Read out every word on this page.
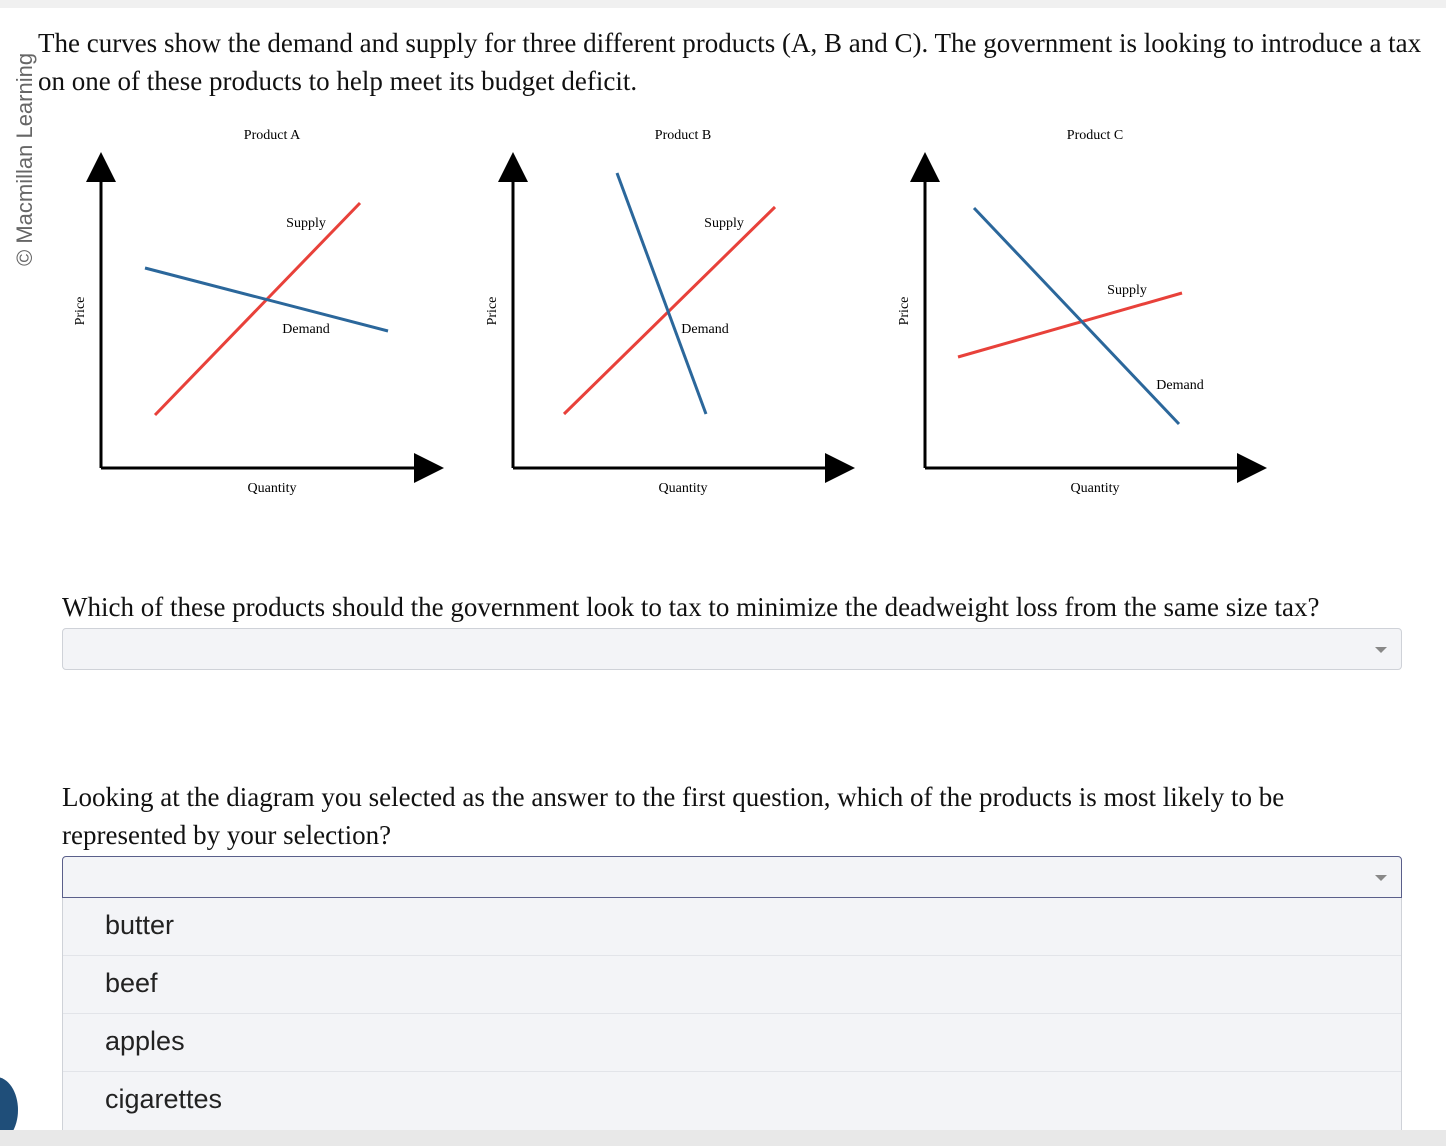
© Macmillan Learning

The curves show the demand and supply for three different products (A, B and C). The government is looking to introduce a tax on one of these products to help meet its budget deficit.

Product A
Price
Quantity
Supply
Demand
Product B
Price
Quantity
Supply
Demand
Product C
Price
Quantity
Supply
Demand

Which of these products should the government look to tax to minimize the deadweight loss from the same size tax?

Looking at the diagram you selected as the answer to the first question, which of the products is most likely to be represented by your selection?

butter
beef
apples
cigarettes
